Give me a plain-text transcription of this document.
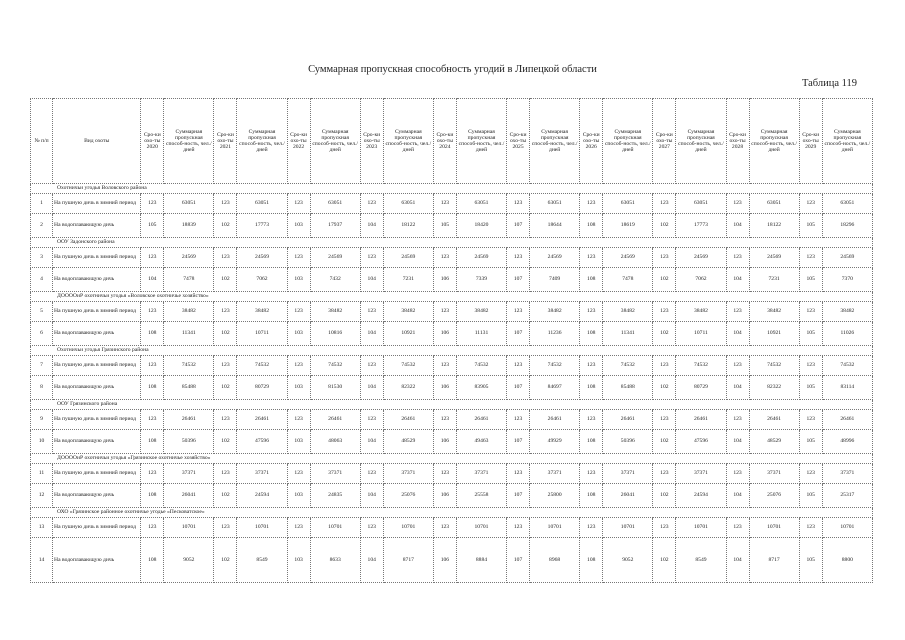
Суммарная пропускная способность угодий в Липецкой области
Таблица 119
№ п/п	Вид охоты	Сро-ки охо-ты 2020	Суммарная пропускная способ-ность, чел./дней	Сро-ки охо-ты 2021	Суммарная пропускная способ-ность, чел./дней	Сро-ки охо-ты 2022	Суммарная пропускная способ-ность, чел./дней	Сро-ки охо-ты 2023	Суммарная пропускная способ-ность, чел./дней	Сро-ки охо-ты 2024	Суммарная пропускная способ-ность, чел./дней	Сро-ки охо-ты 2025	Суммарная пропускная способ-ность, чел./дней	Сро-ки охо-ты 2026	Суммарная пропускная способ-ность, чел./дней	Сро-ки охо-ты 2027	Суммарная пропускная способ-ность, чел./дней	Сро-ки охо-ты 2028	Суммарная пропускная способ-ность, чел./дней	Сро-ки охо-ты 2029	Суммарная пропускная способ-ность, чел./дней
Охотничьи угодья Воловского района																					
1	На пушную дичь в зимний период	123	63051	123	63051	123	63051	123	63051	123	63051	123	63051	123	63051	123	63051	123	63051	123	63051
2	На водоплавающую дичь	105	18839	102	17773	103	17937	104	18122	105	18420	107	18644	108	18619	102	17773	104	18122	105	18296
ООУ Задонского района																					
3	На пушную дичь в зимний период	123	24569	123	24569	123	24569	123	24569	123	24569	123	24569	123	24569	123	24569	123	24569	123	24569
4	На водоплавающую дичь	104	7478	102	7062	103	7432	104	7231	106	7339	107	7409	108	7478	102	7062	104	7231	105	7370
ДООООиР охотничьи угодья «Воловское охотничье хозяйство»																					
5	На пушную дичь в зимний период	123	38482	123	38482	123	38482	123	38482	123	38482	123	38482	123	38482	123	38482	123	38482	123	38482
6	На водоплавающую дичь	108	11341	102	10711	103	10816	104	10921	106	11131	107	11236	108	11341	102	10711	104	10921	105	11026
Охотничьи угодья Грязинского района																					
7	На пушную дичь в зимний период	123	74532	123	74532	123	74532	123	74532	123	74532	123	74532	123	74532	123	74532	123	74532	123	74532
8	На водоплавающую дичь	108	85488	102	80729	103	81530	104	82322	106	83905	107	84697	108	85488	102	80729	104	82322	105	83114
ООУ Грязинского района																					
9	На пушную дичь в зимний период	123	26461	123	26461	123	26461	123	26461	123	26461	123	26461	123	26461	123	26461	123	26461	123	26461
10	На водоплавающую дичь	108	50396	102	47596	103	48063	104	48529	106	49463	107	49929	108	50396	102	47596	104	48529	105	48996
ДООООиР охотничьи угодья «Грязинское охотничье хозяйство»																					
11	На пушную дичь в зимний период	123	37371	123	37371	123	37371	123	37371	123	37371	123	37371	123	37371	123	37371	123	37371	123	37371
12	На водоплавающую дичь	108	26041	102	24594	103	24835	104	25076	106	25558	107	25800	108	26041	102	24594	104	25076	105	25317
ОХО «Грязинское районное охотничье угодье «Песковатское»																					
13	На пушную дичь в зимний период	123	10701	123	10701	123	10701	123	10701	123	10701	123	10701	123	10701	123	10701	123	10701	123	10701
14	На водоплавающую дичь	108	9052	102	8549	103	8633	104	8717	106	8884	107	8968	108	9052	102	8549	104	8717	105	8800
